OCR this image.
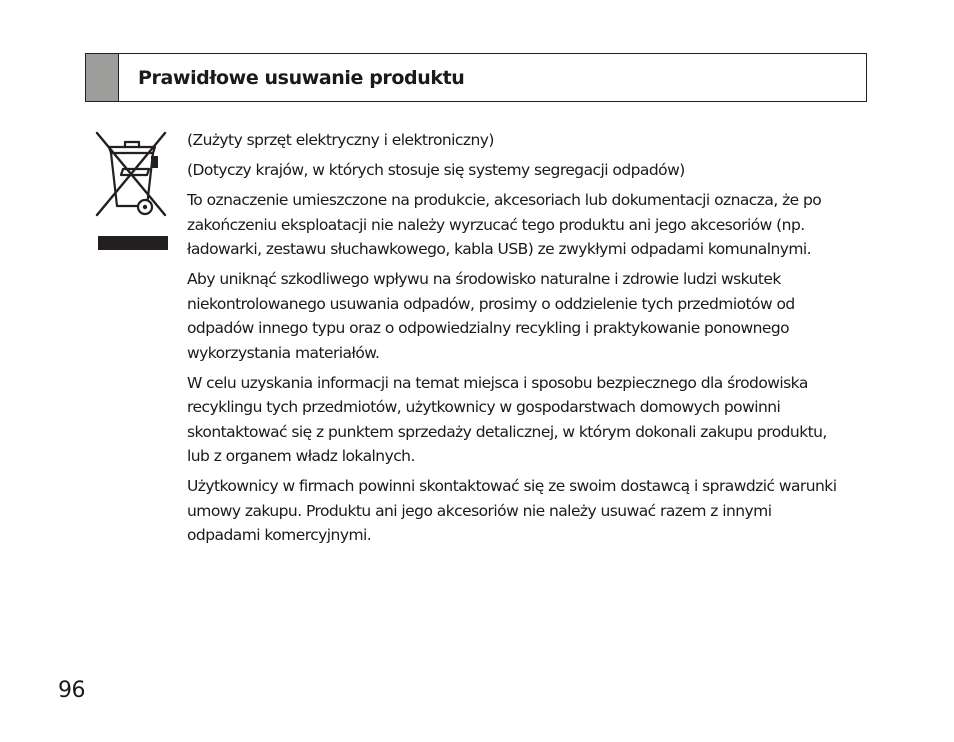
Prawidłowe usuwanie produktu

(Zużyty sprzęt elektryczny i elektroniczny)

(Dotyczy krajów, w których stosuje się systemy segregacji odpadów)

To oznaczenie umieszczone na produkcie, akcesoriach lub dokumentacji oznacza, że po zakończeniu eksploatacji nie należy wyrzucać tego produktu ani jego akcesoriów (np. ładowarki, zestawu słuchawkowego, kabla USB) ze zwykłymi odpadami komunalnymi.

Aby uniknąć szkodliwego wpływu na środowisko naturalne i zdrowie ludzi wskutek niekontrolowanego usuwania odpadów, prosimy o oddzielenie tych przedmiotów od odpadów innego typu oraz o odpowiedzialny recykling i praktykowanie ponownego wykorzystania materiałów.

W celu uzyskania informacji na temat miejsca i sposobu bezpiecznego dla środowiska recyklingu tych przedmiotów, użytkownicy w gospodarstwach domowych powinni skontaktować się z punktem sprzedaży detalicznej, w którym dokonali zakupu produktu, lub z organem władz lokalnych.

Użytkownicy w firmach powinni skontaktować się ze swoim dostawcą i sprawdzić warunki umowy zakupu. Produktu ani jego akcesoriów nie należy usuwać razem z innymi odpadami komercyjnymi.

96
